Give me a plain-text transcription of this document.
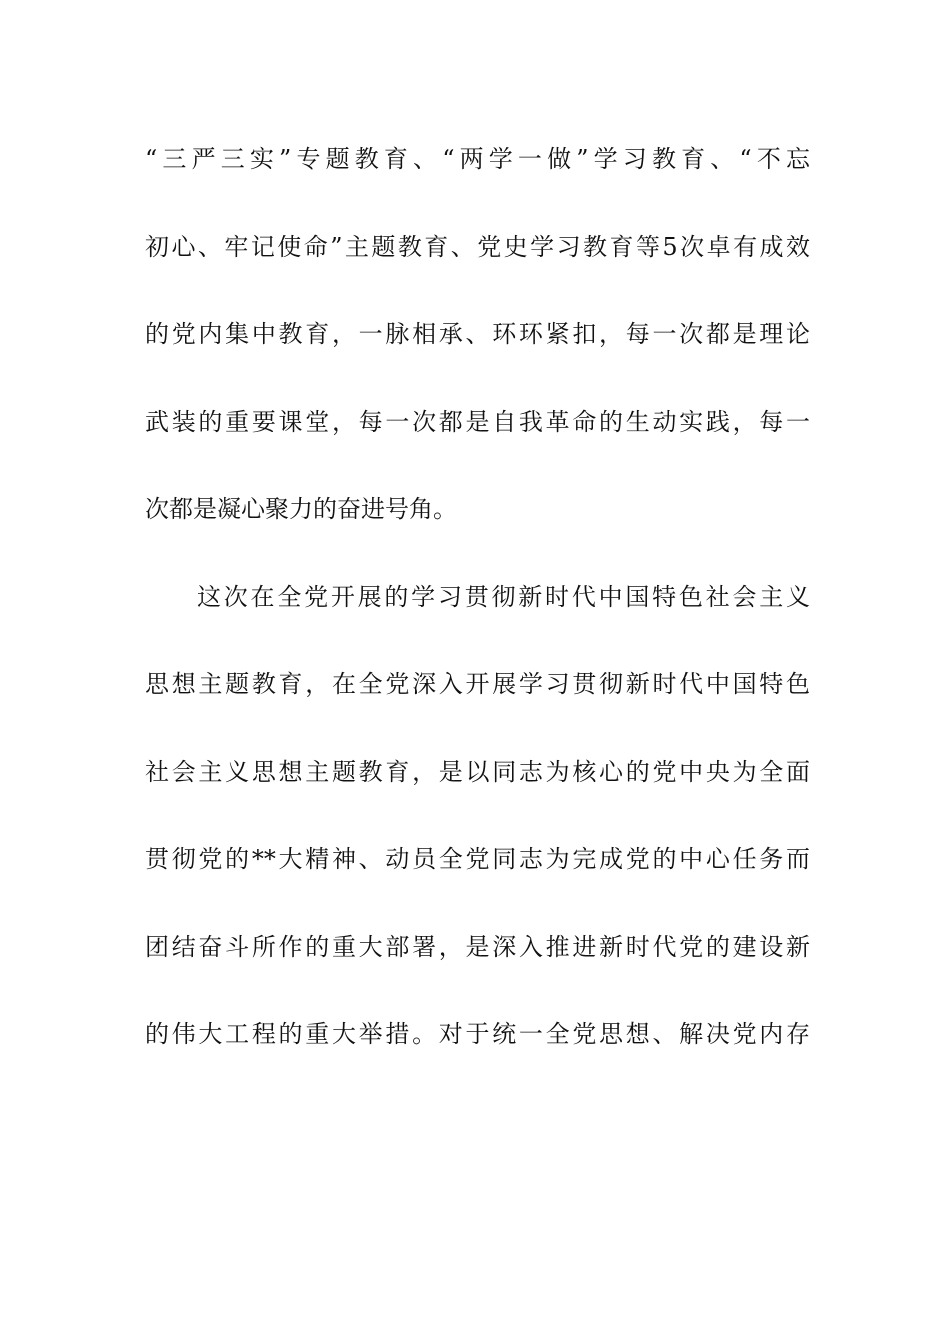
“三严三实”专题教育、“两学一做”学习教育、“不忘
初心、牢记使命”主题教育、党史学习教育等5次卓有成效
的党内集中教育，一脉相承、环环紧扣，每一次都是理论
武装的重要课堂，每一次都是自我革命的生动实践，每一
次都是凝心聚力的奋进号角。
这次在全党开展的学习贯彻新时代中国特色社会主义
思想主题教育，在全党深入开展学习贯彻新时代中国特色
社会主义思想主题教育，是以同志为核心的党中央为全面
贯彻党的**大精神、动员全党同志为完成党的中心任务而
团结奋斗所作的重大部署，是深入推进新时代党的建设新
的伟大工程的重大举措。对于统一全党思想、解决党内存
